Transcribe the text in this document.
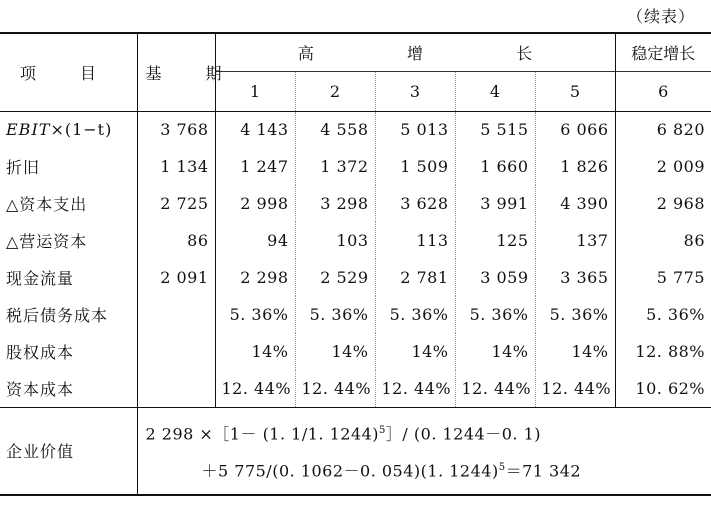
（续表）
项　目	基　期	高 增 长					稳定增长
		1	2	3	4	5	6
EBIT×(1−t)	3 768	4 143	4 558	5 013	5 515	6 066	6 820
折旧	1 134	1 247	1 372	1 509	1 660	1 826	2 009
△资本支出	2 725	2 998	3 298	3 628	3 991	4 390	2 968
△营运资本	86	94	103	113	125	137	86
现金流量	2 091	2 298	2 529	2 781	3 059	3 365	5 775
税后债务成本		5. 36%	5. 36%	5. 36%	5. 36%	5. 36%	5. 36%
股权成本		14%	14%	14%	14%	14%	12. 88%
资本成本		12. 44%	12. 44%	12. 44%	12. 44%	12. 44%	10. 62%
企业价值	2 298 ×［1－ (1. 1/1. 1244)$^5$］/ (0. 1244－0. 1)
＋5 775/(0. 1062－0. 054)(1. 1244)$^5$＝71 342						
